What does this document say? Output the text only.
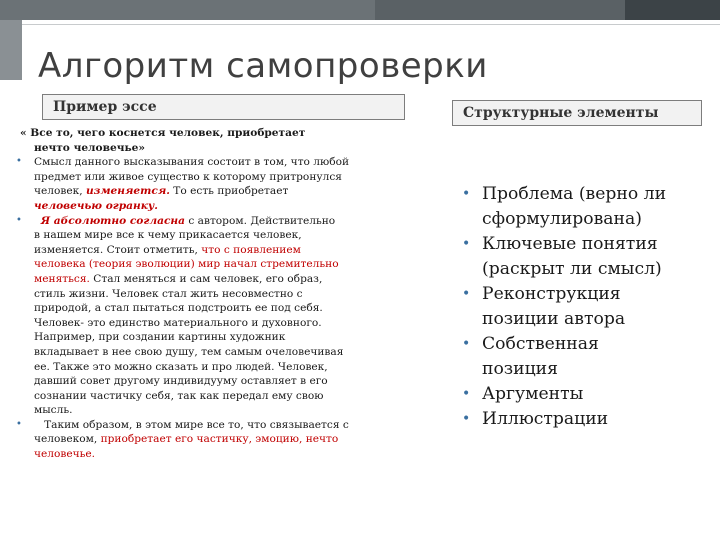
Алгоритм самопроверки
Пример эссе	Структурные элементы
« Все то, чего коснется человек, приобретает
нечто человечье»
• Смысл данного высказывания состоит в том, что любой
предмет или живое существо к которому притронулся
человек, изменяется. То есть приобретает
человечью огранку.
•	Я абсолютно согласна с автором. Действительно
в нашем мире все к чему прикасается человек,
изменяется. Стоит отметить, что с появлением
человека (теория эволюции) мир начал стремительно
меняться. Стал меняться и сам человек, его образ,
стиль жизни. Человек стал жить несовместно с
природой, а стал пытаться подстроить ее под себя.
Человек- это единство материального и духовного.
Например, при создании картины художник
вкладывает в нее свою душу, тем самым очеловечивая
ее. Также это можно сказать и про людей. Человек,
давший совет другому индивидууму оставляет в его
сознании частичку себя, так как передал ему свою
мысль.
•	Таким образом, в этом мире все то, что связывается с
человеком, приобретает его частичку, эмоцию, нечто
человечье.
• Проблема (верно ли
сформулирована)
• Ключевые понятия
(раскрыт ли смысл)
• Реконструкция
позиции автора
• Собственная
позиция
• Аргументы
• Иллюстрации
